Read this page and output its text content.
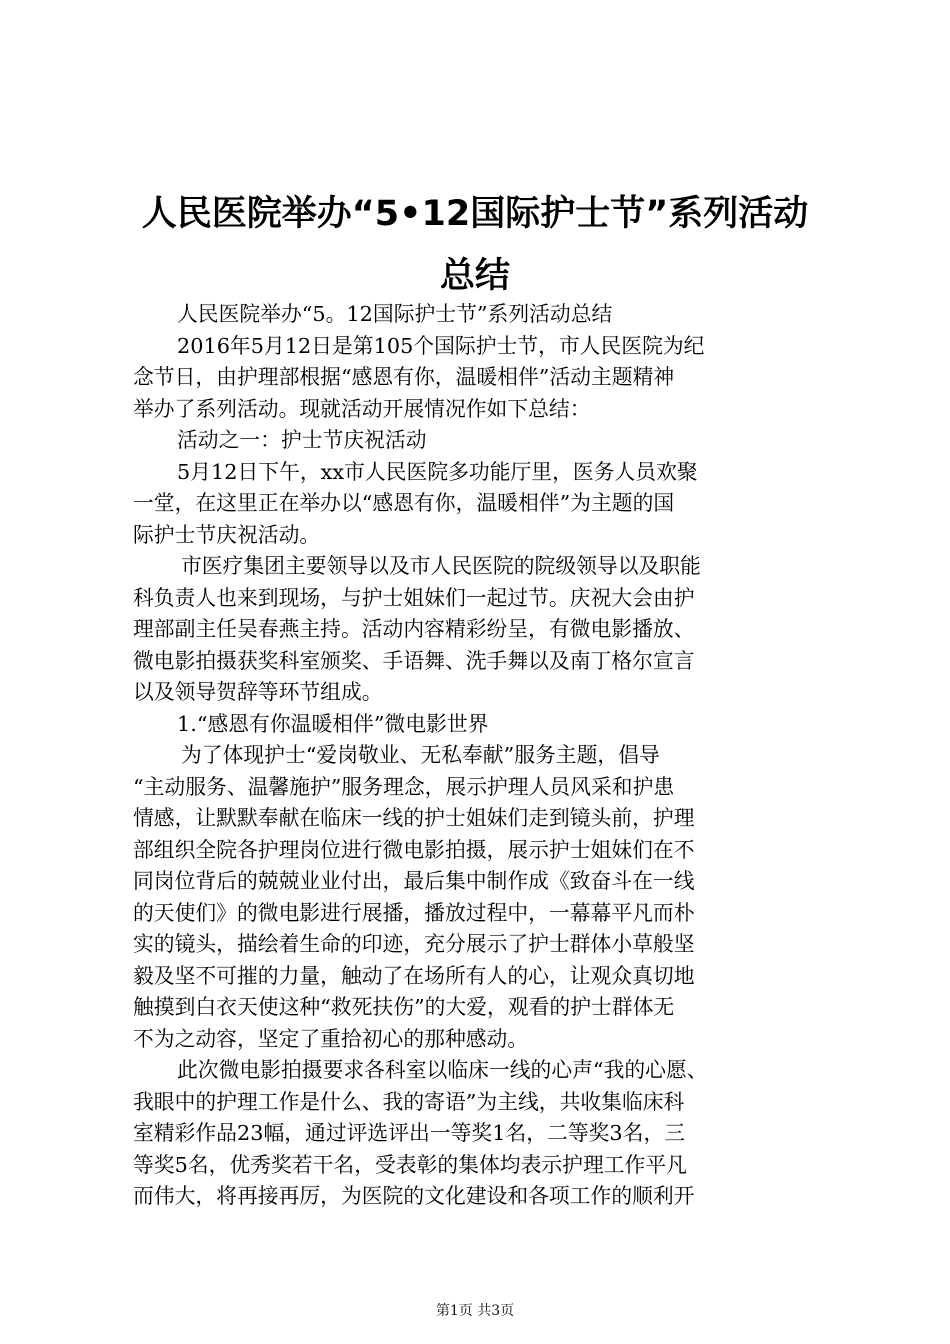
人民医院举办“5•12国际护士节”系列活动
总结
人民医院举办“5。12国际护士节”系列活动总结
2016年5月12日是第105个国际护士节，市人民医院为纪
念节日，由护理部根据“感恩有你，温暖相伴”活动主题精神
举办了系列活动。现就活动开展情况作如下总结：
活动之一：护士节庆祝活动
5月12日下午，xx市人民医院多功能厅里，医务人员欢聚
一堂，在这里正在举办以“感恩有你，温暖相伴”为主题的国
际护士节庆祝活动。
市医疗集团主要领导以及市人民医院的院级领导以及职能
科负责人也来到现场，与护士姐妹们一起过节。庆祝大会由护
理部副主任吴春燕主持。活动内容精彩纷呈，有微电影播放、
微电影拍摄获奖科室颁奖、手语舞、洗手舞以及南丁格尔宣言
以及领导贺辞等环节组成。
1.“感恩有你温暖相伴”微电影世界
为了体现护士“爱岗敬业、无私奉献”服务主题，倡导
“主动服务、温馨施护”服务理念，展示护理人员风采和护患
情感，让默默奉献在临床一线的护士姐妹们走到镜头前，护理
部组织全院各护理岗位进行微电影拍摄，展示护士姐妹们在不
同岗位背后的兢兢业业付出，最后集中制作成《致奋斗在一线
的天使们》的微电影进行展播，播放过程中，一幕幕平凡而朴
实的镜头，描绘着生命的印迹，充分展示了护士群体小草般坚
毅及坚不可摧的力量，触动了在场所有人的心，让观众真切地
触摸到白衣天使这种“救死扶伤”的大爱，观看的护士群体无
不为之动容，坚定了重拾初心的那种感动。
此次微电影拍摄要求各科室以临床一线的心声“我的心愿、
我眼中的护理工作是什么、我的寄语”为主线，共收集临床科
室精彩作品23幅，通过评选评出一等奖1名，二等奖3名，三
等奖5名，优秀奖若干名，受表彰的集体均表示护理工作平凡
而伟大，将再接再厉，为医院的文化建设和各项工作的顺利开
第1页 共3页
